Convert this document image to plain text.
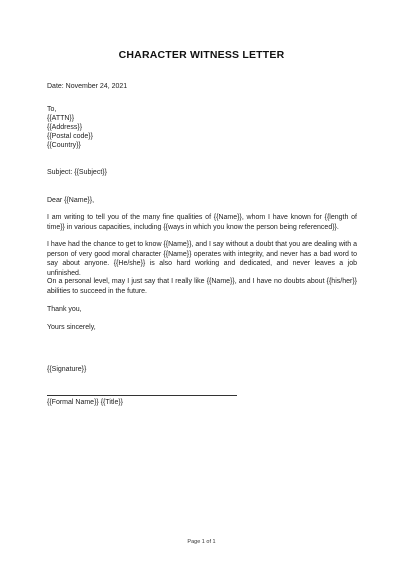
CHARACTER WITNESS LETTER
Date: November 24, 2021
To,
{{ATTN}}
{{Address}}
{{Postal code}}
{{Country}}
Subject: {{Subject}}
Dear {{Name}},
I am writing to tell you of the many fine qualities of {{Name}}, whom I have known for {{length of time}} in various capacities, including {{ways in which you know the person being referenced}}.
I have had the chance to get to know {{Name}}, and I say without a doubt that you are dealing with a person of very good moral character {{Name}} operates with integrity, and never has a bad word to say about anyone. {{He/she}} is also hard working and dedicated, and never leaves a job unfinished.
On a personal level, may I just say that I really like {{Name}}, and I have no doubts about {{his/her}} abilities to succeed in the future.
Thank you,
Yours sincerely,
{{Signature}}
{{Formal Name}} {{Title}}
Page 1 of 1
